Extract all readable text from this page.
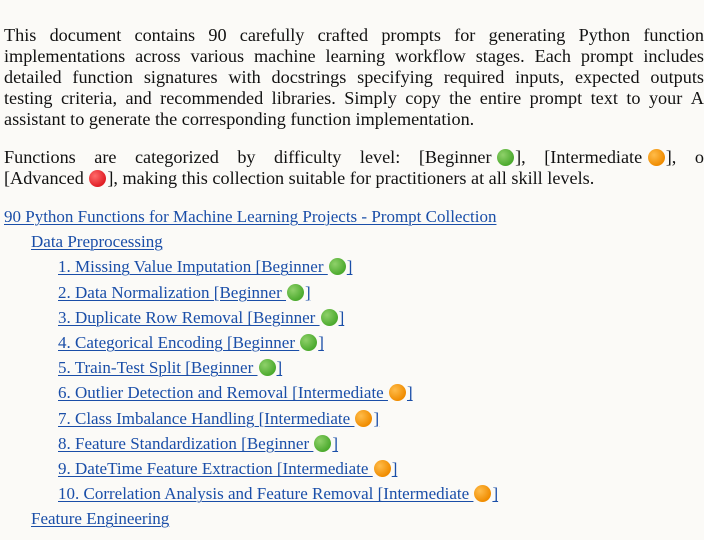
This document contains 90 carefully crafted prompts for generating Python function
implementations across various machine learning workflow stages. Each prompt includes
detailed function signatures with docstrings specifying required inputs, expected outputs
testing criteria, and recommended libraries. Simply copy the entire prompt text to your A
assistant to generate the corresponding function implementation.
Functions are categorized by difficulty level: [Beginner ], [Intermediate ], o
[Advanced ], making this collection suitable for practitioners at all skill levels.
90 Python Functions for Machine Learning Projects - Prompt Collection
Data Preprocessing
1. Missing Value Imputation [Beginner ]
2. Data Normalization [Beginner ]
3. Duplicate Row Removal [Beginner ]
4. Categorical Encoding [Beginner ]
5. Train-Test Split [Beginner ]
6. Outlier Detection and Removal [Intermediate ]
7. Class Imbalance Handling [Intermediate ]
8. Feature Standardization [Beginner ]
9. DateTime Feature Extraction [Intermediate ]
10. Correlation Analysis and Feature Removal [Intermediate ]
Feature Engineering
